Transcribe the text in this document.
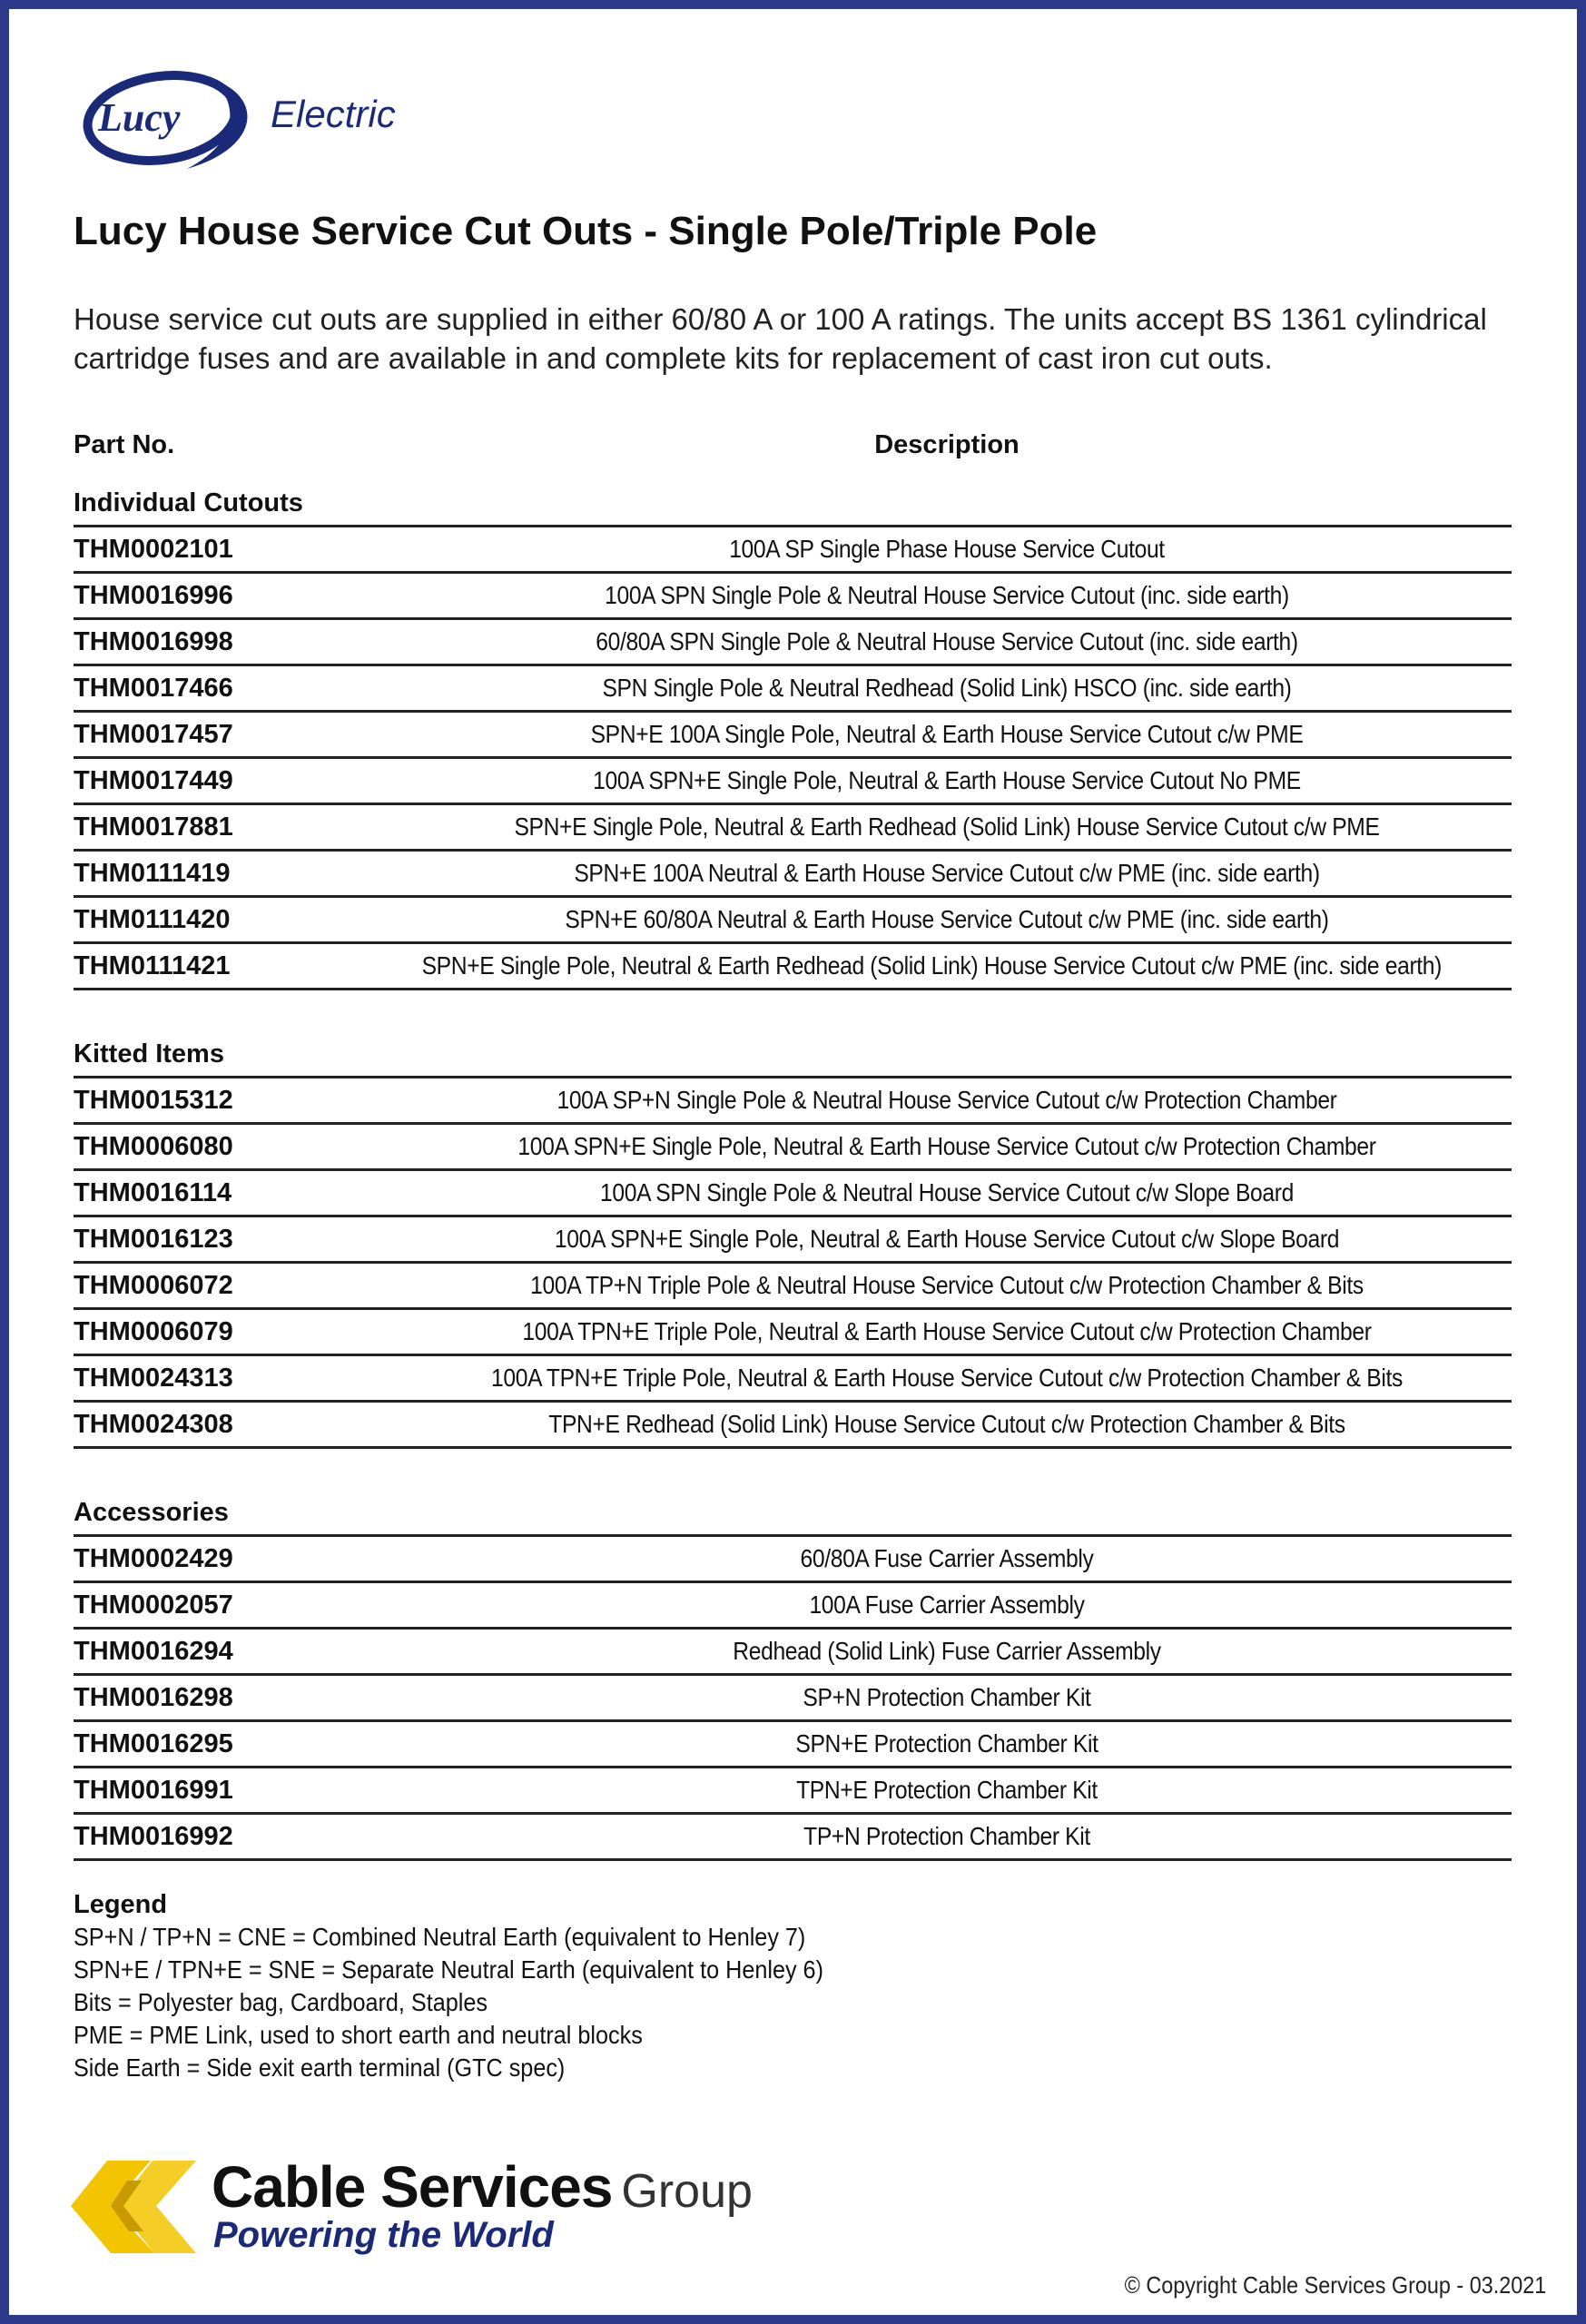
Lucy Electric
Lucy House Service Cut Outs - Single Pole/Triple Pole

House service cut outs are supplied in either 60/80 A or 100 A ratings. The units accept BS 1361 cylindrical cartridge fuses and are available in and complete kits for replacement of cast iron cut outs.

Part No.	Description
Individual Cutouts
THM0002101	100A SP Single Phase House Service Cutout
THM0016996	100A SPN Single Pole & Neutral House Service Cutout (inc. side earth)
THM0016998	60/80A SPN Single Pole & Neutral House Service Cutout (inc. side earth)
THM0017466	SPN Single Pole & Neutral Redhead (Solid Link) HSCO (inc. side earth)
THM0017457	SPN+E 100A Single Pole, Neutral & Earth House Service Cutout c/w PME
THM0017449	100A SPN+E Single Pole, Neutral & Earth House Service Cutout No PME
THM0017881	SPN+E Single Pole, Neutral & Earth Redhead (Solid Link) House Service Cutout c/w PME
THM0111419	SPN+E 100A Neutral & Earth House Service Cutout c/w PME (inc. side earth)
THM0111420	SPN+E 60/80A Neutral & Earth House Service Cutout c/w PME (inc. side earth)
THM0111421	SPN+E Single Pole, Neutral & Earth Redhead (Solid Link) House Service Cutout c/w PME (inc. side earth)
Kitted Items
THM0015312	100A SP+N Single Pole & Neutral House Service Cutout c/w Protection Chamber
THM0006080	100A SPN+E Single Pole, Neutral & Earth House Service Cutout c/w Protection Chamber
THM0016114	100A SPN Single Pole & Neutral House Service Cutout c/w Slope Board
THM0016123	100A SPN+E Single Pole, Neutral & Earth House Service Cutout c/w Slope Board
THM0006072	100A TP+N Triple Pole & Neutral House Service Cutout c/w Protection Chamber & Bits
THM0006079	100A TPN+E Triple Pole, Neutral & Earth House Service Cutout c/w Protection Chamber
THM0024313	100A TPN+E Triple Pole, Neutral & Earth House Service Cutout c/w Protection Chamber & Bits
THM0024308	TPN+E Redhead (Solid Link) House Service Cutout c/w Protection Chamber & Bits
Accessories
THM0002429	60/80A Fuse Carrier Assembly
THM0002057	100A Fuse Carrier Assembly
THM0016294	Redhead (Solid Link) Fuse Carrier Assembly
THM0016298	SP+N Protection Chamber Kit
THM0016295	SPN+E Protection Chamber Kit
THM0016991	TPN+E Protection Chamber Kit
THM0016992	TP+N Protection Chamber Kit
Legend
SP+N / TP+N = CNE = Combined Neutral Earth (equivalent to Henley 7)
SPN+E / TPN+E = SNE = Separate Neutral Earth (equivalent to Henley 6)
Bits = Polyester bag, Cardboard, Staples
PME = PME Link, used to short earth and neutral blocks
Side Earth = Side exit earth terminal (GTC spec)
Cable Services Group
Powering the World
© Copyright Cable Services Group - 03.2021
